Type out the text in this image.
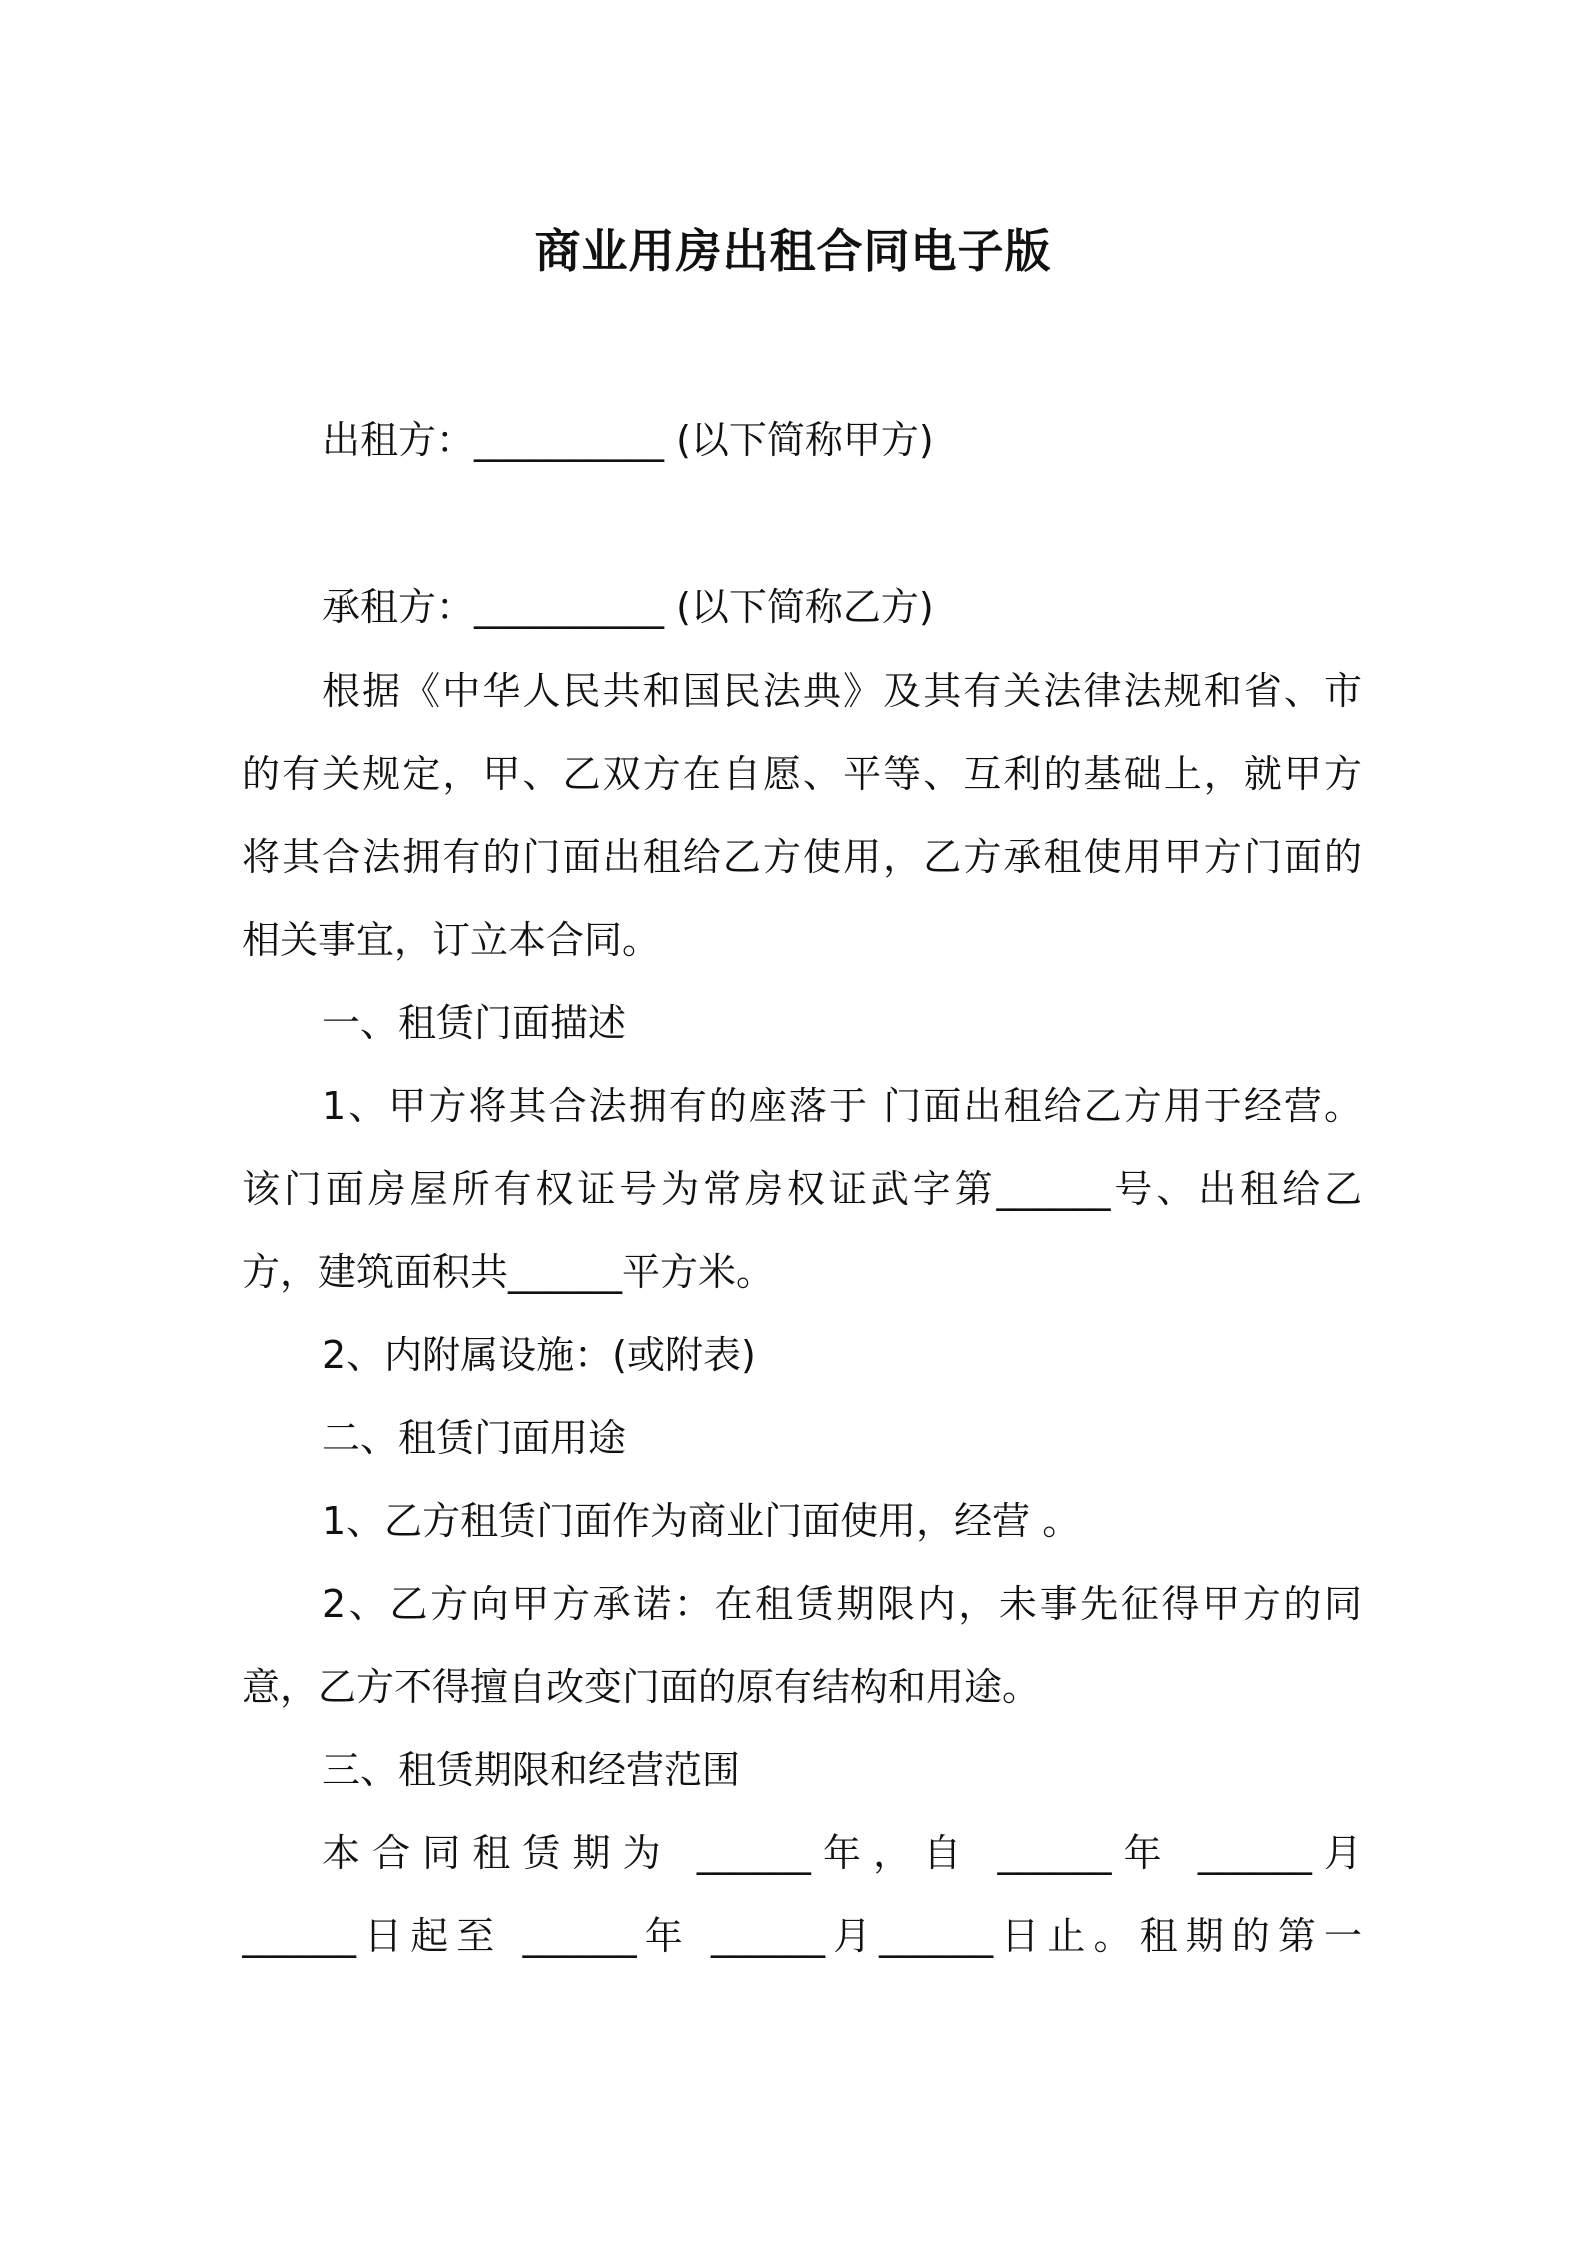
商业用房出租合同电子版
出租方：__________ (以下简称甲方)
承租方：__________ (以下简称乙方)
根据《中华人民共和国民法典》及其有关法律法规和省、市
的有关规定，甲、乙双方在自愿、平等、互利的基础上，就甲方
将其合法拥有的门面出租给乙方使用，乙方承租使用甲方门面的
相关事宜，订立本合同。
一、租赁门面描述
1、甲方将其合法拥有的座落于 门面出租给乙方用于经营。
该门面房屋所有权证号为常房权证武字第______号、出租给乙
方，建筑面积共______平方米。
2、内附属设施：(或附表)
二、租赁门面用途
1、乙方租赁门面作为商业门面使用，经营 。
2、乙方向甲方承诺：在租赁期限内，未事先征得甲方的同
意，乙方不得擅自改变门面的原有结构和用途。
三、租赁期限和经营范围
本合同租赁期为 ______年，自 ______年 ______月
______日起至 ______年 ______月______日止。租期的第一
